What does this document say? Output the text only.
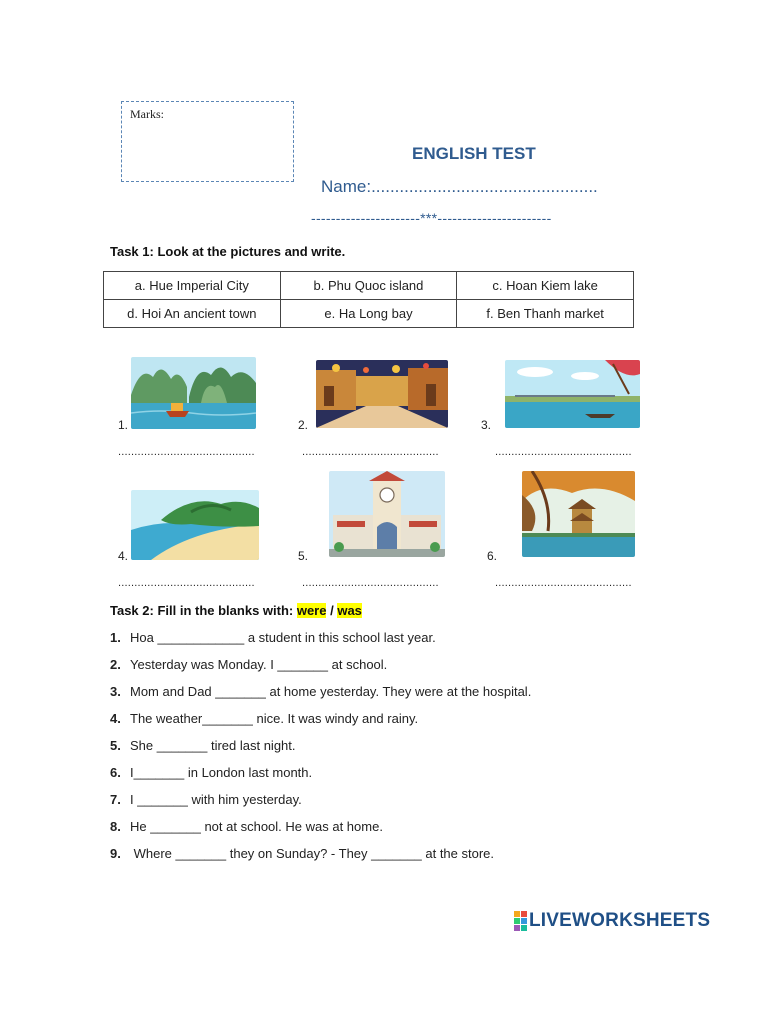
Marks:
ENGLISH TEST
Name:................................................
----------------------***-----------------------
Task 1: Look at the pictures and write.
a. Hue Imperial City	b. Phu Quoc island	c. Hoan Kiem lake
d. Hoi An ancient town	e. Ha Long bay	f. Ben Thanh market
1.
..........................................
2.
..........................................
3.
..........................................
4.
..........................................
5.
..........................................
6.
..........................................
Task 2: Fill in the blanks with: were / was
1. Hoa ____________ a student in this school last year.
2. Yesterday was Monday. I _______ at school.
3. Mom and Dad _______ at home yesterday. They were at the hospital.
4. The weather_______ nice. It was windy and rainy.
5. She _______ tired last night.
6. I_______ in London last month.
7. I _______ with him yesterday.
8. He _______ not at school. He was at home.
9. Where _______ they on Sunday? - They _______ at the store.
LIVEWORKSHEETS
